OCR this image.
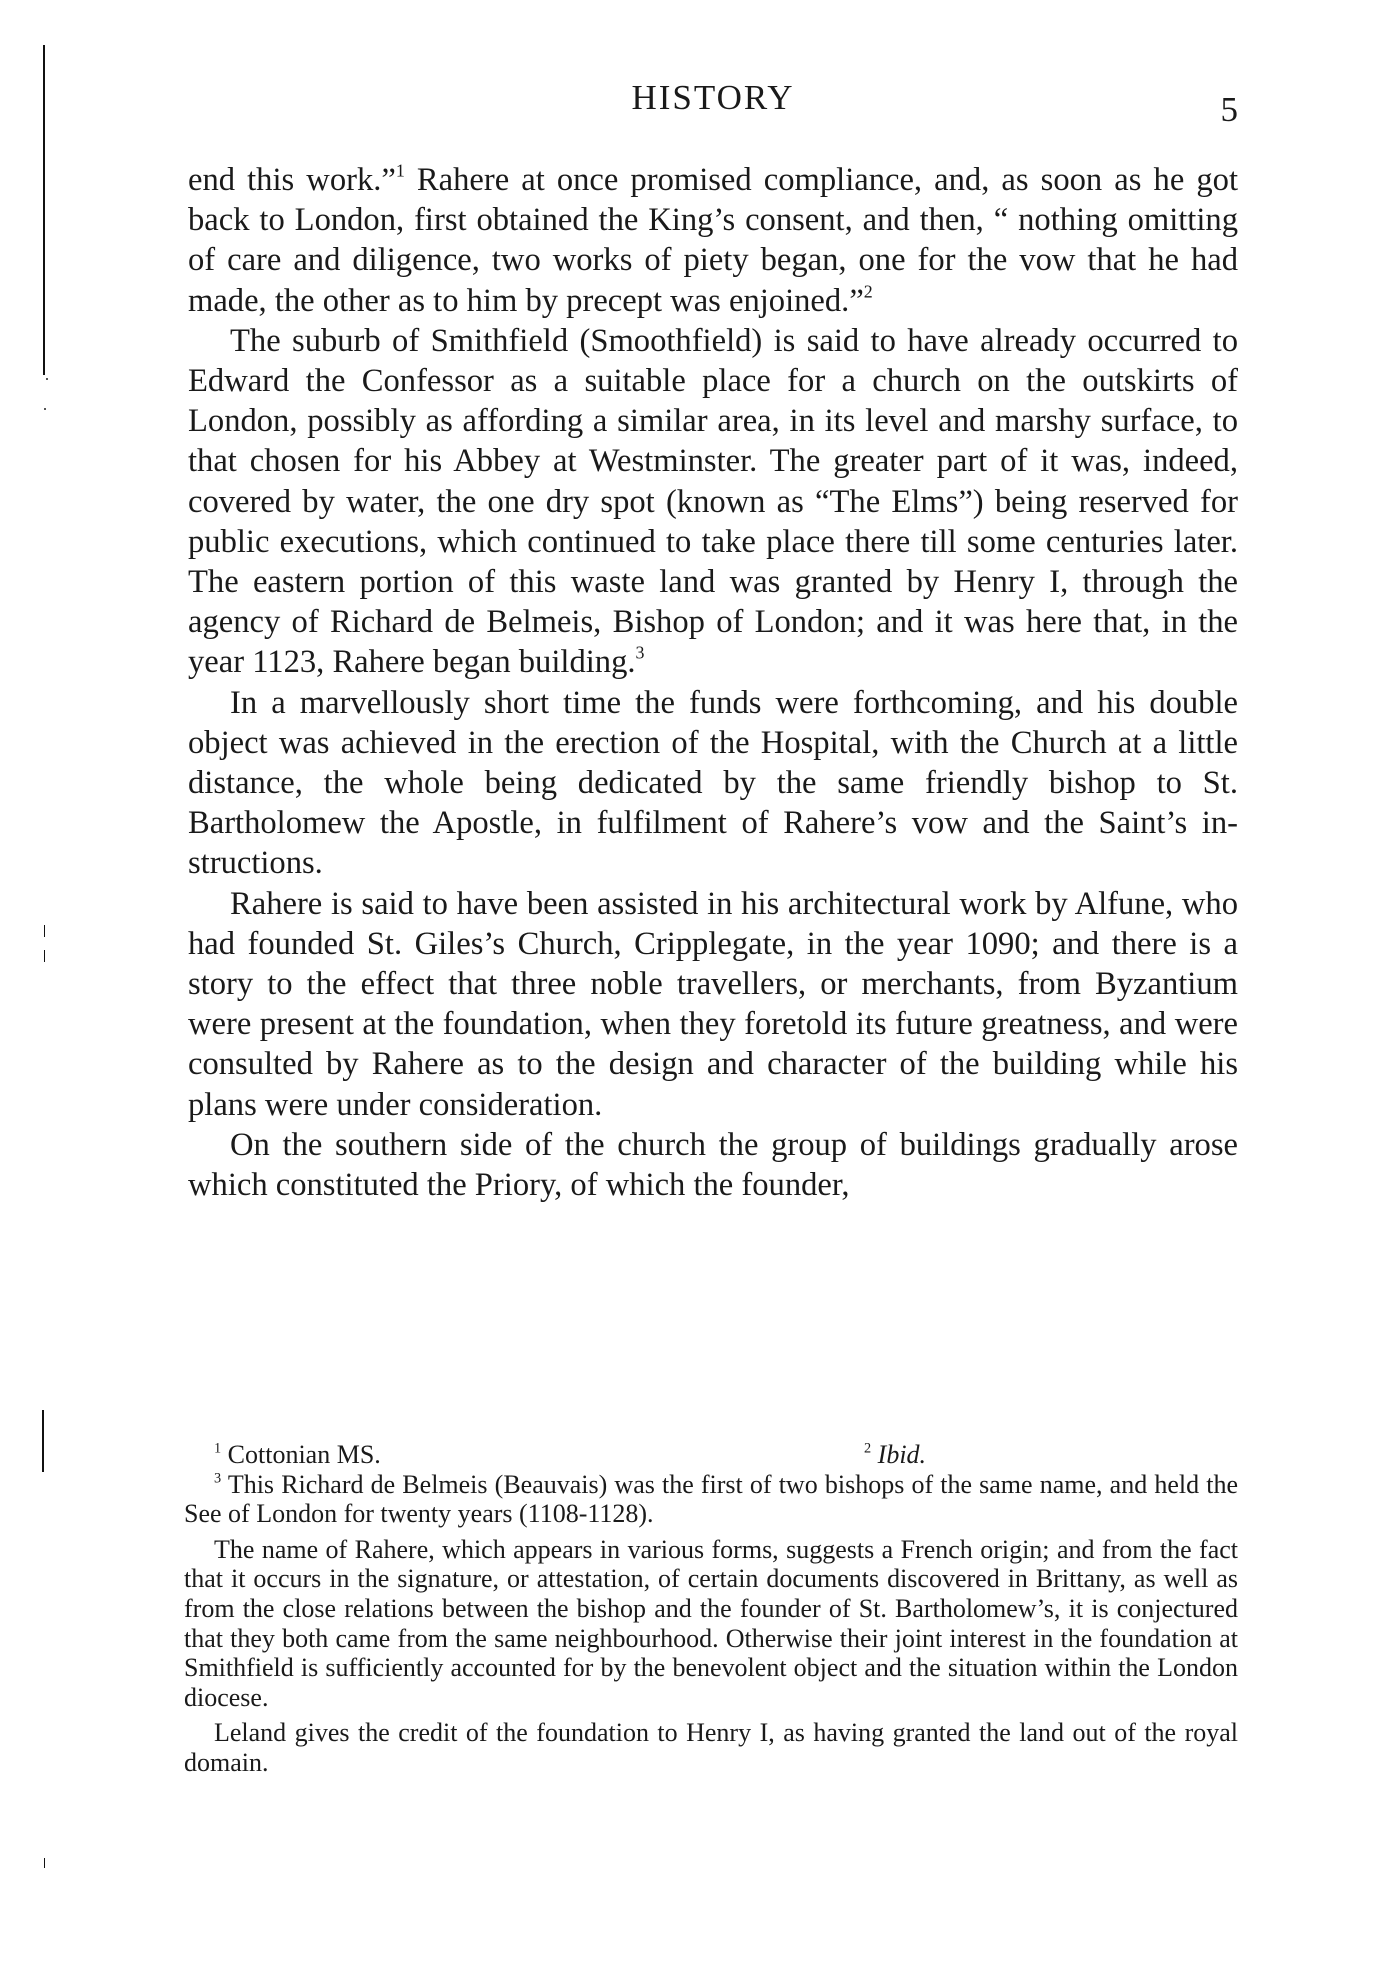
HISTORY	5

end this work.”$^1$ Rahere at once promised compliance, and, as soon as he got back to London, first obtained the King’s consent, and then, “ nothing omitting of care and diligence, two works of piety began, one for the vow that he had made, the other as to him by precept was enjoined.”$^2$

The suburb of Smithfield (Smoothfield) is said to have already occurred to Edward the Confessor as a suitable place for a church on the outskirts of London, possibly as affording a similar area, in its level and marshy surface, to that chosen for his Abbey at Westminster. The greater part of it was, indeed, covered by water, the one dry spot (known as “The Elms”) being reserved for public executions, which continued to take place there till some centuries later. The eastern portion of this waste land was granted by Henry I, through the agency of Richard de Belmeis, Bishop of London; and it was here that, in the year 1123, Rahere began building.$^3$

In a marvellously short time the funds were forthcoming, and his double object was achieved in the erection of the Hospital, with the Church at a little distance, the whole being dedicated by the same friendly bishop to St. Bartholomew the Apostle, in fulfilment of Rahere’s vow and the Saint’s in- structions.

Rahere is said to have been assisted in his architectural work by Alfune, who had founded St. Giles’s Church, Cripplegate, in the year 1090; and there is a story to the effect that three noble travellers, or merchants, from Byzantium were present at the foundation, when they foretold its future greatness, and were consulted by Rahere as to the design and character of the building while his plans were under consideration.

On the southern side of the church the group of buildings gradually arose which constituted the Priory, of which the founder,

$^1$ Cottonian MS.	$^2$ Ibid.

$^3$ This Richard de Belmeis (Beauvais) was the first of two bishops of the same name, and held the See of London for twenty years (1108-1128).

The name of Rahere, which appears in various forms, suggests a French origin; and from the fact that it occurs in the signature, or attestation, of certain documents discovered in Brittany, as well as from the close relations between the bishop and the founder of St. Bartholomew’s, it is conjectured that they both came from the same neighbourhood. Otherwise their joint interest in the foundation at Smithfield is sufficiently accounted for by the benevolent object and the situation within the London diocese.

Leland gives the credit of the foundation to Henry I, as having granted the land out of the royal domain.
